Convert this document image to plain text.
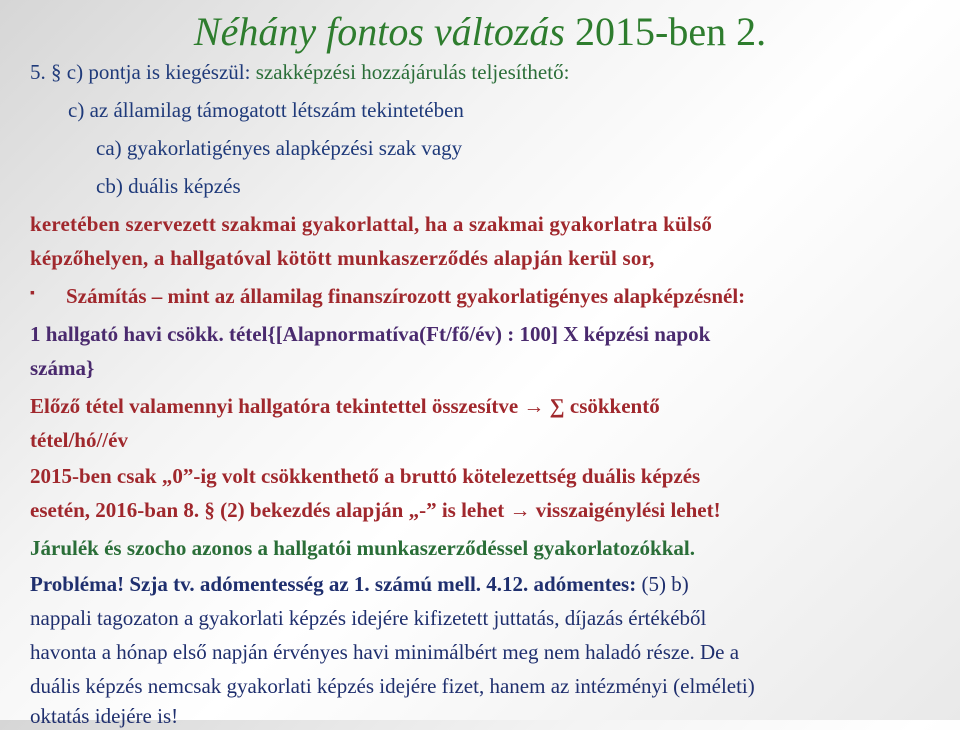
Néhány fontos változás 2015-ben 2.
5. § c) pontja is kiegészül: szakképzési hozzájárulás teljesíthető:
c) az államilag támogatott létszám tekintetében
ca) gyakorlatigényes alapképzési szak vagy
cb) duális képzés
keretében szervezett szakmai gyakorlattal, ha a szakmai gyakorlatra külső
képzőhelyen, a hallgatóval kötött munkaszerződés alapján kerül sor,
▪ Számítás – mint az államilag finanszírozott gyakorlatigényes alapképzésnél:
1 hallgató havi csökk. tétel{[Alapnormatíva(Ft/fő/év) : 100] X képzési napok
száma}
Előző tétel valamennyi hallgatóra tekintettel összesítve → ∑ csökkentő
tétel/hó//év
2015-ben csak „0”-ig volt csökkenthető a bruttó kötelezettség duális képzés
esetén, 2016-ban 8. § (2) bekezdés alapján „-” is lehet → visszaigénylési lehet!
Járulék és szocho azonos a hallgatói munkaszerződéssel gyakorlatozókkal.
Probléma! Szja tv. adómentesség az 1. számú mell. 4.12. adómentes: (5) b)
nappali tagozaton a gyakorlati képzés idejére kifizetett juttatás, díjazás értékéből
havonta a hónap első napján érvényes havi minimálbért meg nem haladó része. De a
duális képzés nemcsak gyakorlati képzés idejére fizet, hanem az intézményi (elméleti)
oktatás idejére is!
